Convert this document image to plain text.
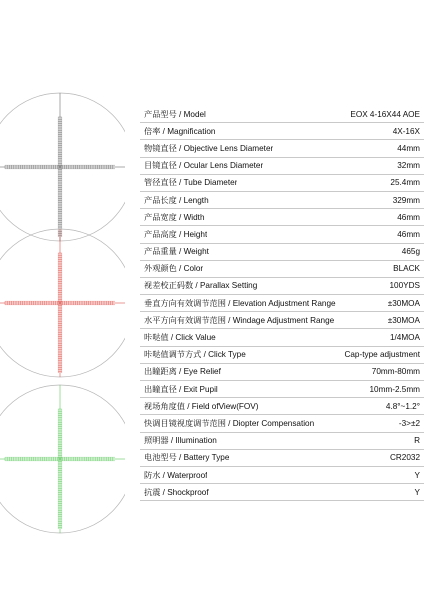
产品型号 / Model	EOX 4-16X44 AOE
倍率 / Magnification	4X-16X
物镜直径 / Objective Lens Diameter	44mm
目镜直径 / Ocular Lens Diameter	32mm
管径直径 / Tube Diameter	25.4mm
产品长度 / Length	329mm
产品宽度 / Width	46mm
产品高度 / Height	46mm
产品重量 / Weight	465g
外观颜色 / Color	BLACK
视差校正码数 / Parallax Setting	100YDS
垂直方向有效调节范围 / Elevation Adjustment Range	±30MOA
水平方向有效调节范围 / Windage Adjustment Range	±30MOA
咔哒值 / Click Value	1/4MOA
咔哒值调节方式 / Click Type	Cap-type adjustment
出瞳距离 / Eye Relief	70mm-80mm
出瞳直径 / Exit Pupil	10mm-2.5mm
视场角度值 / Field ofView(FOV)	4.8°~1.2°
快调目镜视度调节范围 / Diopter Compensation	-3>±2
照明器 / Illumination	R
电池型号 / Battery Type	CR2032
防水 / Waterproof	Y
抗震 / Shockproof	Y
